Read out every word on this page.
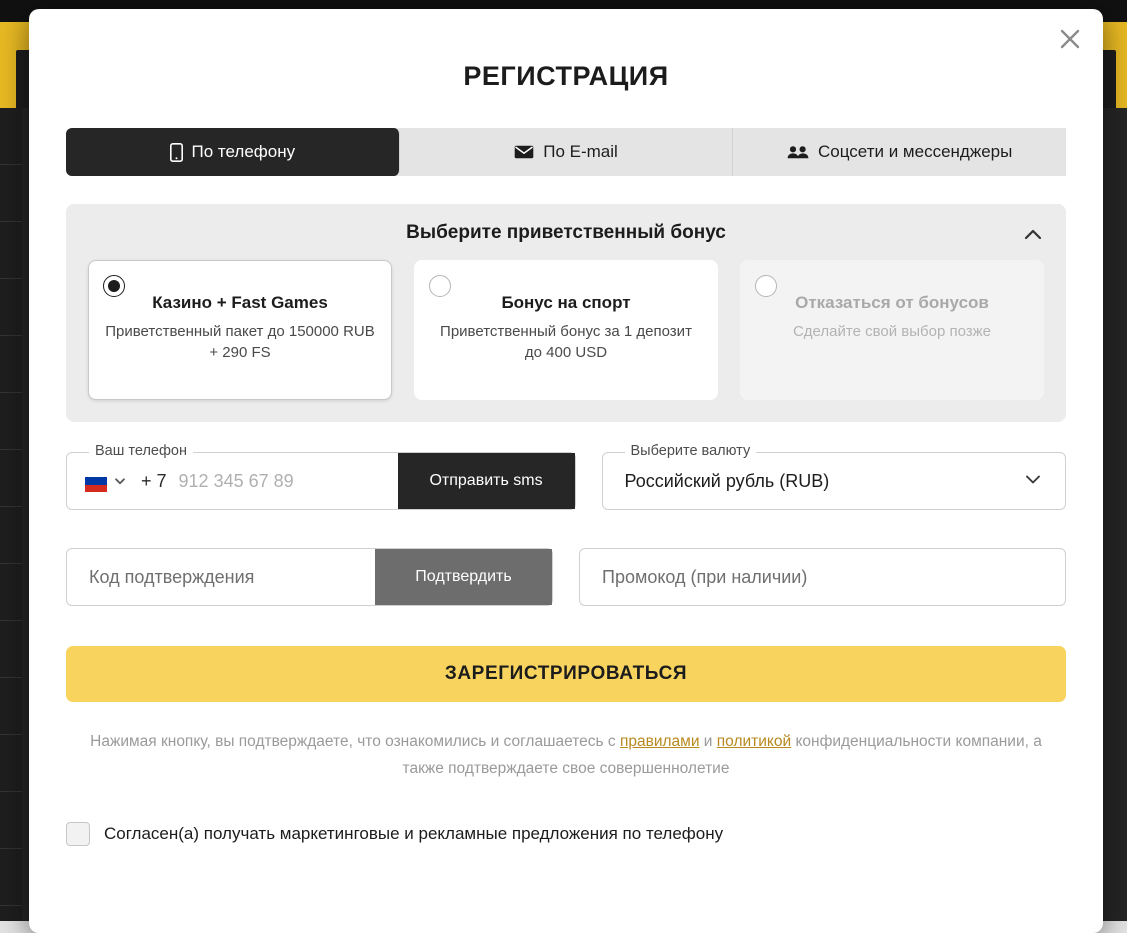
РЕГИСТРАЦИЯ
По телефону	По E-mail	Соцсети и мессенджеры
Выберите приветственный бонус
Казино + Fast Games
Приветственный пакет до 150000 RUB + 290 FS
Бонус на спорт
Приветственный бонус за 1 депозит до 400 USD
Отказаться от бонусов
Сделайте свой выбор позже
Ваш телефон
+ 7
912 345 67 89	Отправить sms
Выберите валюту
Российский рубль (RUB)
Код подтверждения
Подтвердить
Промокод (при наличии)
ЗАРЕГИСТРИРОВАТЬСЯ
Нажимая кнопку, вы подтверждаете, что ознакомились и соглашаетесь с правилами и политикой конфиденциальности компании, а также подтверждаете свое совершеннолетие
Согласен(а) получать маркетинговые и рекламные предложения по телефону
